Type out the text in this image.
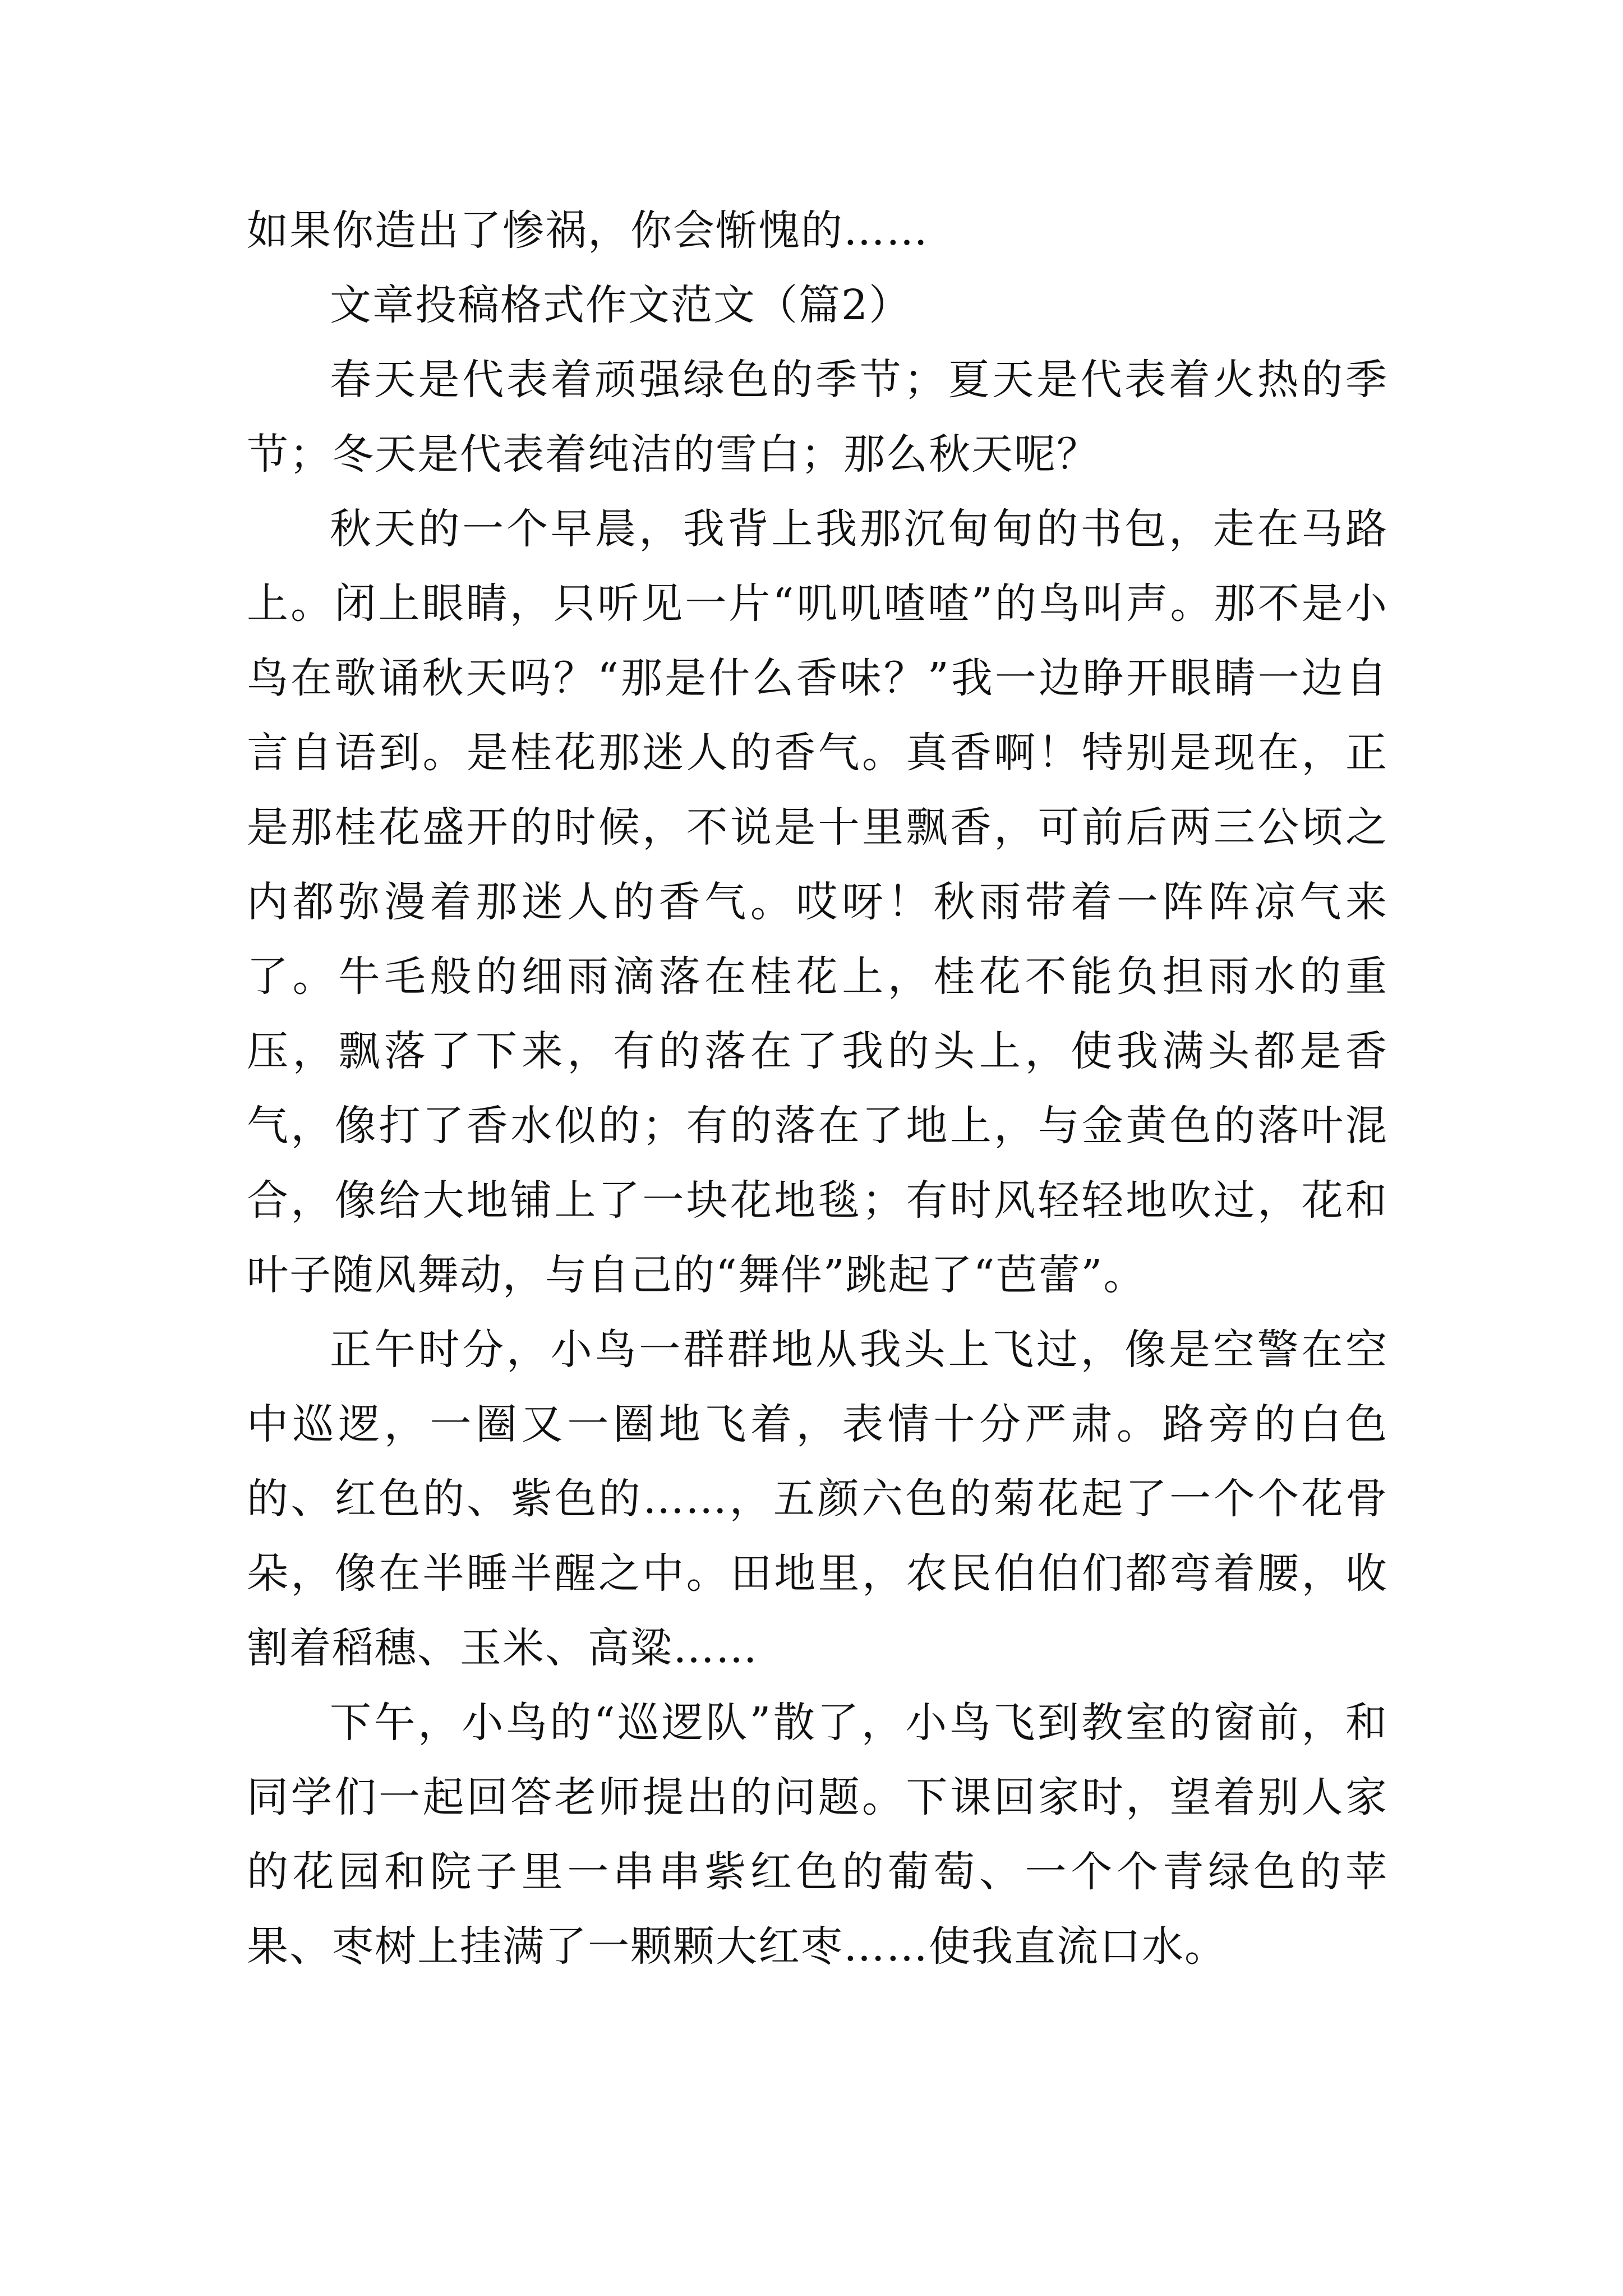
如果你造出了惨祸，你会惭愧的……

文章投稿格式作文范文（篇2）

春天是代表着顽强绿色的季节；夏天是代表着火热的季节；冬天是代表着纯洁的雪白；那么秋天呢？

秋天的一个早晨，我背上我那沉甸甸的书包，走在马路上。闭上眼睛，只听见一片“叽叽喳喳”的鸟叫声。那不是小鸟在歌诵秋天吗？“那是什么香味？”我一边睁开眼睛一边自言自语到。是桂花那迷人的香气。真香啊！特别是现在，正是那桂花盛开的时候，不说是十里飘香，可前后两三公顷之内都弥漫着那迷人的香气。哎呀！秋雨带着一阵阵凉气来了。牛毛般的细雨滴落在桂花上，桂花不能负担雨水的重压，飘落了下来，有的落在了我的头上，使我满头都是香气，像打了香水似的；有的落在了地上，与金黄色的落叶混合，像给大地铺上了一块花地毯；有时风轻轻地吹过，花和叶子随风舞动，与自己的“舞伴”跳起了“芭蕾”。

正午时分，小鸟一群群地从我头上飞过，像是空警在空中巡逻，一圈又一圈地飞着，表情十分严肃。路旁的白色的、红色的、紫色的……，五颜六色的菊花起了一个个花骨朵，像在半睡半醒之中。田地里，农民伯伯们都弯着腰，收割着稻穗、玉米、高粱……

下午，小鸟的“巡逻队”散了，小鸟飞到教室的窗前，和同学们一起回答老师提出的问题。下课回家时，望着别人家的花园和院子里一串串紫红色的葡萄、一个个青绿色的苹果、枣树上挂满了一颗颗大红枣……使我直流口水。
